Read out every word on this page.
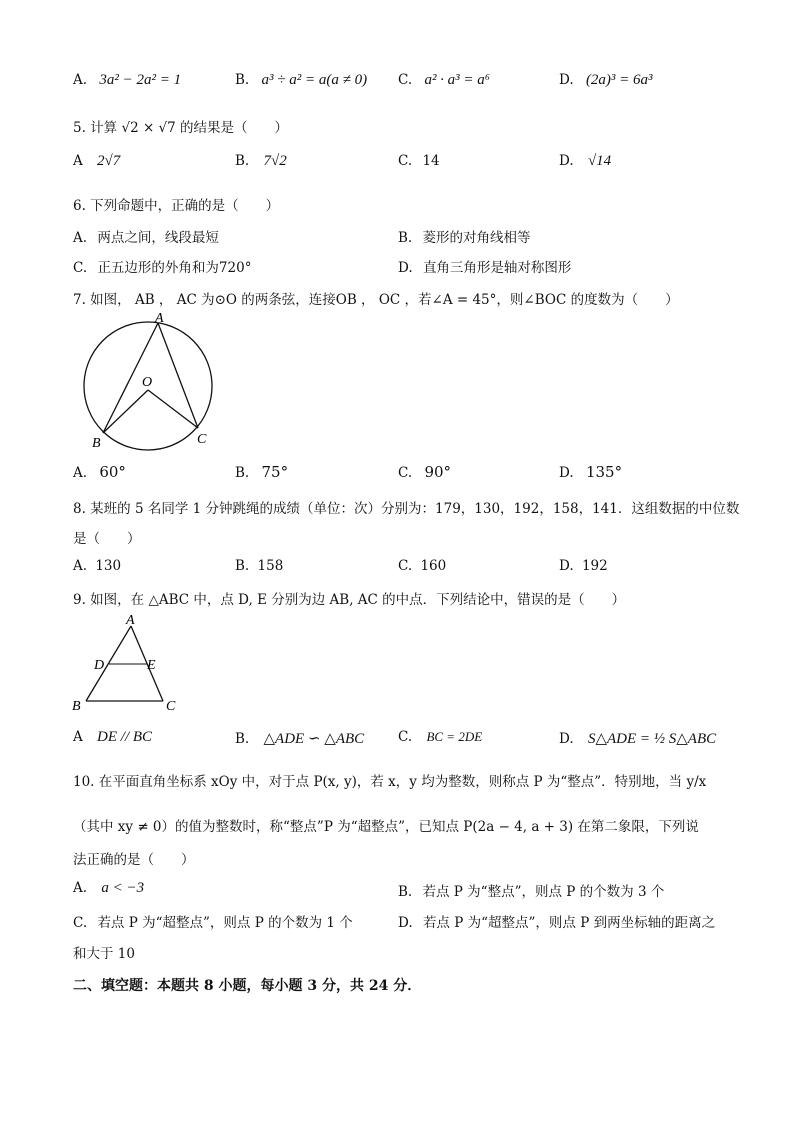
A. 3a² − 2a² = 1	B. a³ ÷ a² = a(a ≠ 0) C. a² · a³ = a⁶	D. (2a)³ = 6a³
5. 计算 √2 × √7 的结果是（　　）
A 2√7	B. 7√2	C. 14	D. √14
6. 下列命题中，正确的是（　　）
A. 两点之间，线段最短	B. 菱形的对角线相等
C. 正五边形的外角和为720°	D. 直角三角形是轴对称图形
7. 如图， AB ， AC 为⊙O 的两条弦，连接OB ， OC ，若∠A = 45°，则∠BOC 的度数为（　　）
A
O
B	C
A. 60°	B. 75°	C. 90°	D. 135°
8. 某班的 5 名同学 1 分钟跳绳的成绩（单位：次）分别为：179，130，192，158，141．这组数据的中位数
是（　　）
A. 130	B. 158	C. 160	D. 192
9. 如图，在 △ABC 中，点 D, E 分别为边 AB, AC 的中点．下列结论中，错误的是（　　）
A
D	E
B	C
A DE // BC	B. △ADE ∽ △ABC	C. BC = 2DE	D. S△ADE = ½ S△ABC
10. 在平面直角坐标系 xOy 中，对于点 P(x, y)，若 x，y 均为整数，则称点 P 为“整点”．特别地，当 y/x
（其中 xy ≠ 0）的值为整数时，称“整点”P 为“超整点”，已知点 P(2a − 4, a + 3) 在第二象限，下列说
法正确的是（　　）
A. a < −3	B. 若点 P 为“整点”，则点 P 的个数为 3 个
C. 若点 P 为“超整点”，则点 P 的个数为 1 个	D. 若点 P 为“超整点”，则点 P 到两坐标轴的距离之
和大于 10
二、填空题：本题共 8 小题，每小题 3 分，共 24 分．
